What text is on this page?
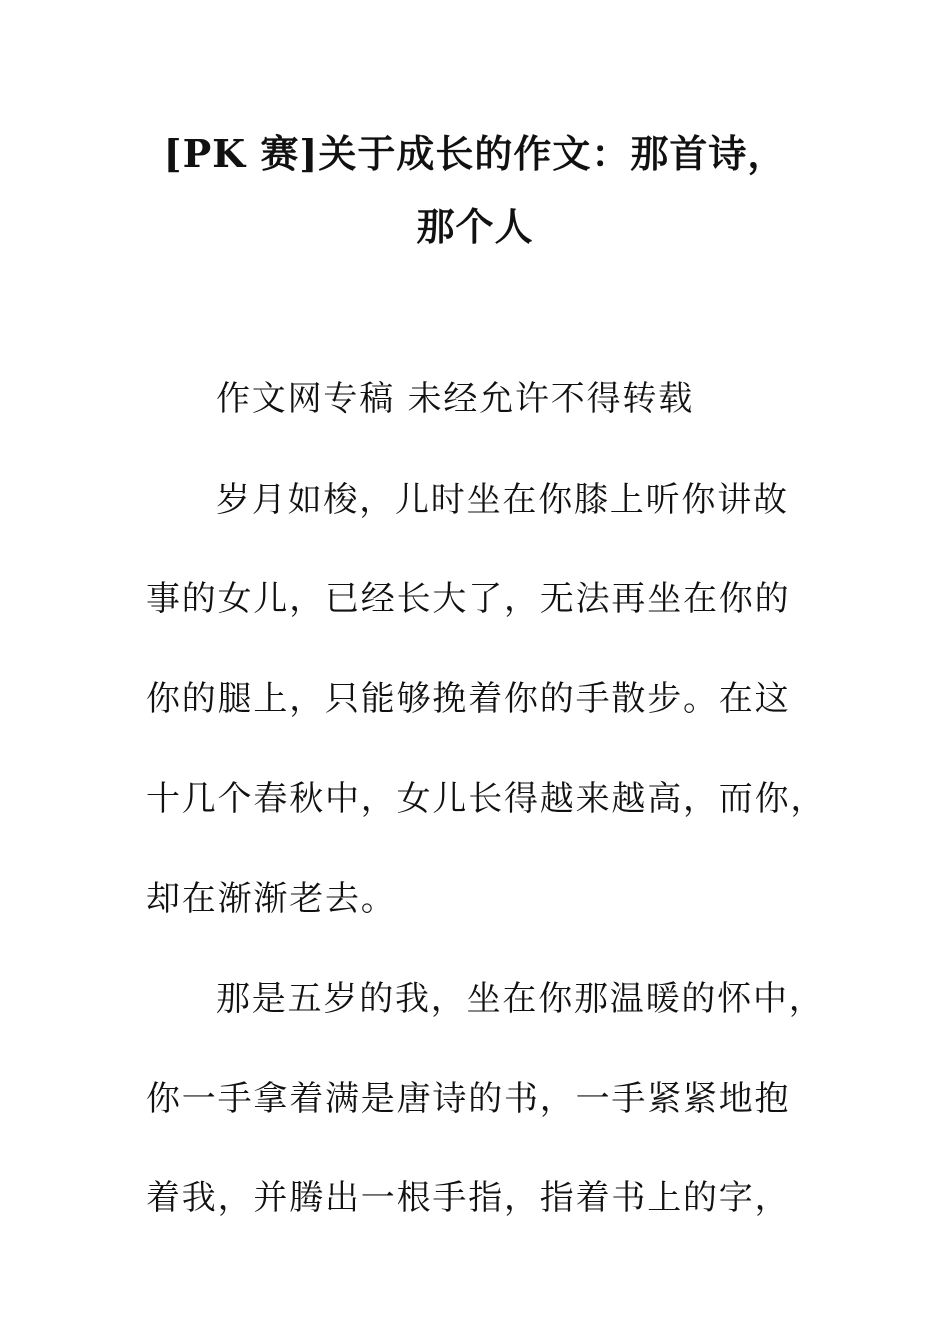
[PK 赛]关于成长的作文：那首诗，
那个人
作文网专稿 未经允许不得转载
岁月如梭，儿时坐在你膝上听你讲故
事的女儿，已经长大了，无法再坐在你的
你的腿上，只能够挽着你的手散步。在这
十几个春秋中，女儿长得越来越高，而你，
却在渐渐老去。
那是五岁的我，坐在你那温暖的怀中，
你一手拿着满是唐诗的书，一手紧紧地抱
着我，并腾出一根手指，指着书上的字，
